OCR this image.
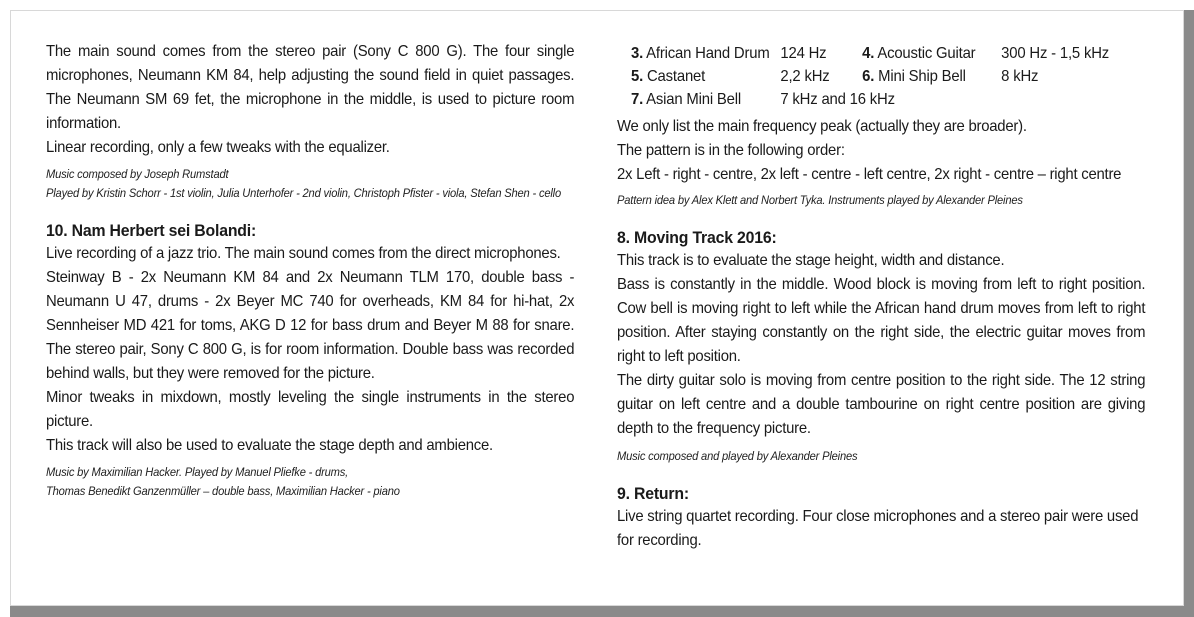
The main sound comes from the stereo pair (Sony C 800 G). The four single microphones, Neumann KM 84, help adjusting the sound field in quiet passages. The Neumann SM 69 fet, the microphone in the middle, is used to picture room information.

Linear recording, only a few tweaks with the equalizer.

Music composed by Joseph Rumstadt

Played by Kristin Schorr - 1st violin, Julia Unterhofer - 2nd violin, Christoph Pfister - viola, Stefan Shen - cello

10. Nam Herbert sei Bolandi:

Live recording of a jazz trio. The main sound comes from the direct microphones.

Steinway B - 2x Neumann KM 84 and 2x Neumann TLM 170, double bass - Neumann U 47, drums - 2x Beyer MC 740 for overheads, KM 84 for hi-hat, 2x Sennheiser MD 421 for toms, AKG D 12 for bass drum and Beyer M 88 for snare. The stereo pair, Sony C 800 G, is for room information. Double bass was recorded behind walls, but they were removed for the picture.

Minor tweaks in mixdown, mostly leveling the single instruments in the stereo picture.

This track will also be used to evaluate the stage depth and ambience.

Music by Maximilian Hacker. Played by Manuel Pliefke - drums,

Thomas Benedikt Ganzenmüller – double bass, Maximilian Hacker - piano

3. African Hand Drum	124 Hz	4. Acoustic Guitar	300 Hz - 1,5 kHz
5. Castanet	2,2 kHz	6. Mini Ship Bell	8 kHz
7. Asian Mini Bell	7 kHz and 16 kHz		

We only list the main frequency peak (actually they are broader).

The pattern is in the following order:

2x Left - right - centre, 2x left - centre - left centre, 2x right - centre – right centre

Pattern idea by Alex Klett and Norbert Tyka. Instruments played by Alexander Pleines

8. Moving Track 2016:

This track is to evaluate the stage height, width and distance.

Bass is constantly in the middle. Wood block is moving from left to right position. Cow bell is moving right to left while the African hand drum moves from left to right position. After staying constantly on the right side, the electric guitar moves from right to left position.

The dirty guitar solo is moving from centre position to the right side. The 12 string guitar on left centre and a double tambourine on right centre position are giving depth to the frequency picture.

Music composed and played by Alexander Pleines

9. Return:

Live string quartet recording. Four close microphones and a stereo pair were used for recording.
